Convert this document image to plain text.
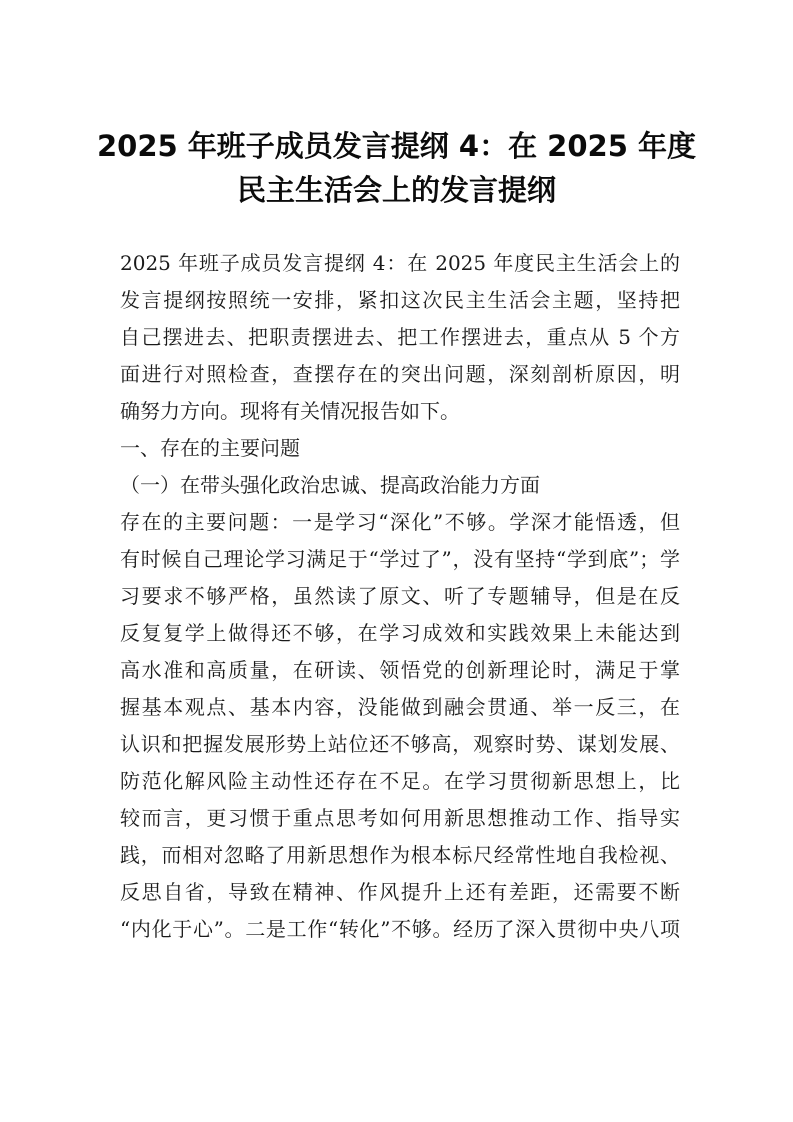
2025 年班子成员发言提纲 4：在 2025 年度
民主生活会上的发言提纲
2025 年班子成员发言提纲 4：在 2025 年度民主生活会上的
发言提纲按照统一安排，紧扣这次民主生活会主题，坚持把
自己摆进去、把职责摆进去、把工作摆进去，重点从 5 个方
面进行对照检查，查摆存在的突出问题，深刻剖析原因，明
确努力方向。现将有关情况报告如下。
一、存在的主要问题
（一）在带头强化政治忠诚、提高政治能力方面
存在的主要问题：一是学习“深化”不够。学深才能悟透，但
有时候自己理论学习满足于“学过了”，没有坚持“学到底”；学
习要求不够严格，虽然读了原文、听了专题辅导，但是在反
反复复学上做得还不够，在学习成效和实践效果上未能达到
高水准和高质量，在研读、领悟党的创新理论时，满足于掌
握基本观点、基本内容，没能做到融会贯通、举一反三，在
认识和把握发展形势上站位还不够高，观察时势、谋划发展、
防范化解风险主动性还存在不足。在学习贯彻新思想上，比
较而言，更习惯于重点思考如何用新思想推动工作、指导实
践，而相对忽略了用新思想作为根本标尺经常性地自我检视、
反思自省，导致在精神、作风提升上还有差距，还需要不断
“内化于心”。二是工作“转化”不够。经历了深入贯彻中央八项
